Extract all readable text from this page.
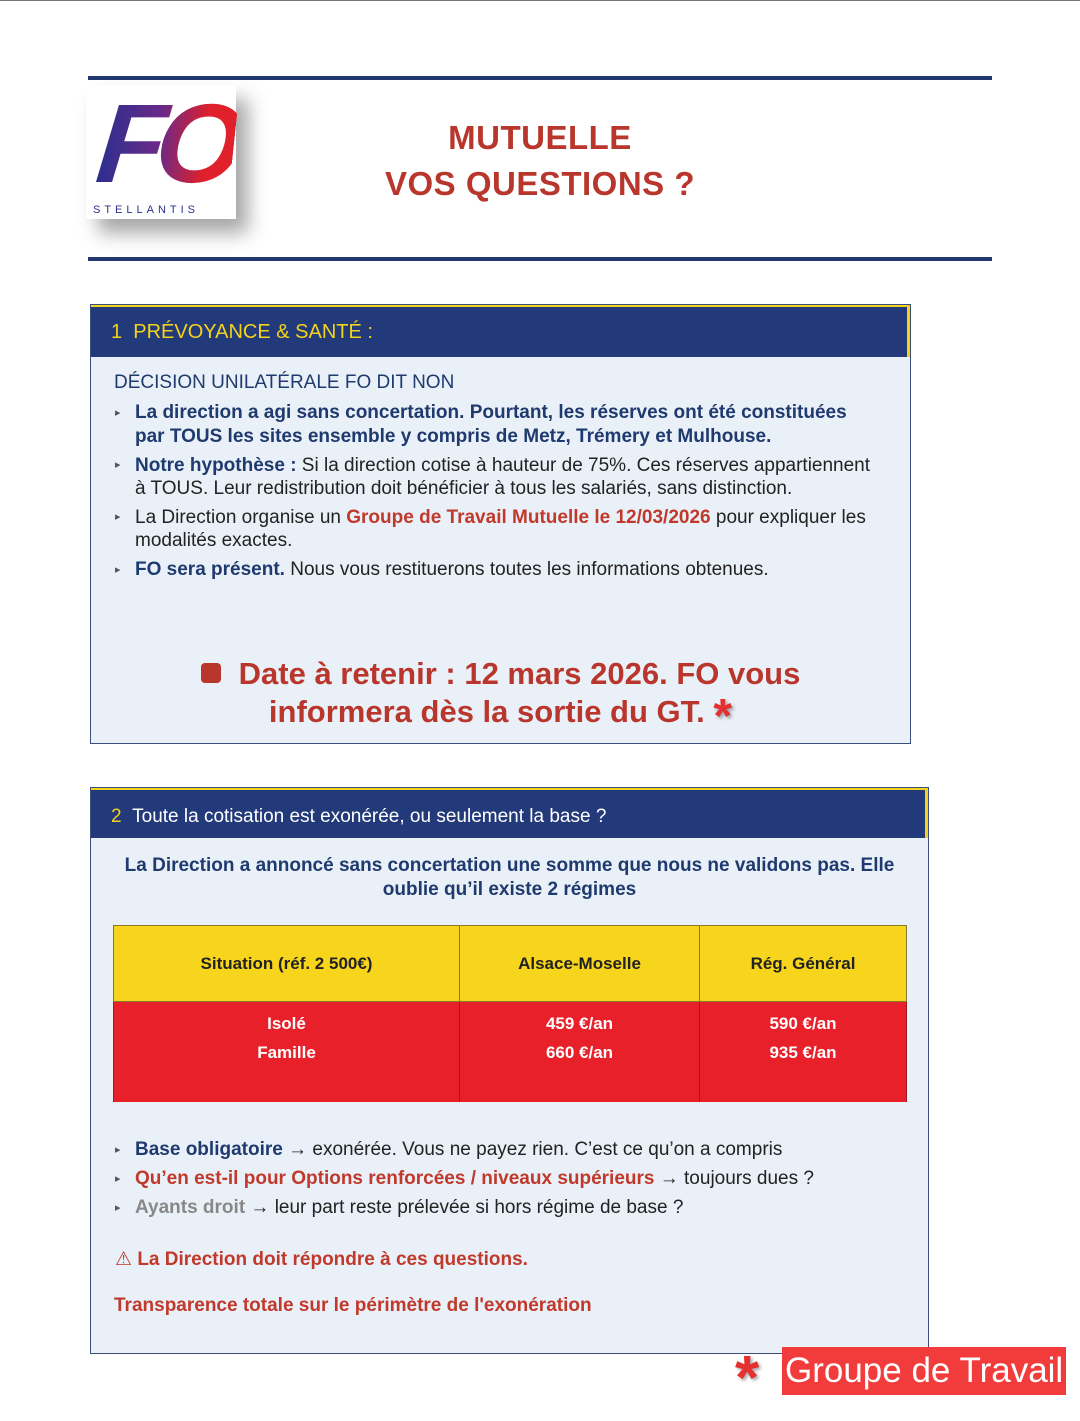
FO
STELLANTIS
MUTUELLE
VOS QUESTIONS ?
1 PRÉVOYANCE & SANTÉ :
DÉCISION UNILATÉRALE FO DIT NON
▸ La direction a agi sans concertation. Pourtant, les réserves ont été constituées par TOUS les sites ensemble y compris de Metz, Trémery et Mulhouse.
▸ Notre hypothèse : Si la direction cotise à hauteur de 75%. Ces réserves appartiennent à TOUS. Leur redistribution doit bénéficier à tous les salariés, sans distinction.
▸ La Direction organise un Groupe de Travail Mutuelle le 12/03/2026 pour expliquer les modalités exactes.
▸ FO sera présent. Nous vous restituerons toutes les informations obtenues.
Date à retenir : 12 mars 2026. FO vous
informera dès la sortie du GT. *
2 Toute la cotisation est exonérée, ou seulement la base ?
La Direction a annoncé sans concertation une somme que nous ne validons pas. Elle oublie qu’il existe 2 régimes
Situation (réf. 2 500€)	Alsace-Moselle	Rég. Général
Isolé	459 €/an	590 €/an
Famille	660 €/an	935 €/an
▸ Base obligatoire → exonérée. Vous ne payez rien. C’est ce qu’on a compris
▸ Qu’en est-il pour Options renforcées / niveaux supérieurs → toujours dues ?
▸ Ayants droit → leur part reste prélevée si hors régime de base ?
⚠ La Direction doit répondre à ces questions.
Transparence totale sur le périmètre de l'exonération
* Groupe de Travail
